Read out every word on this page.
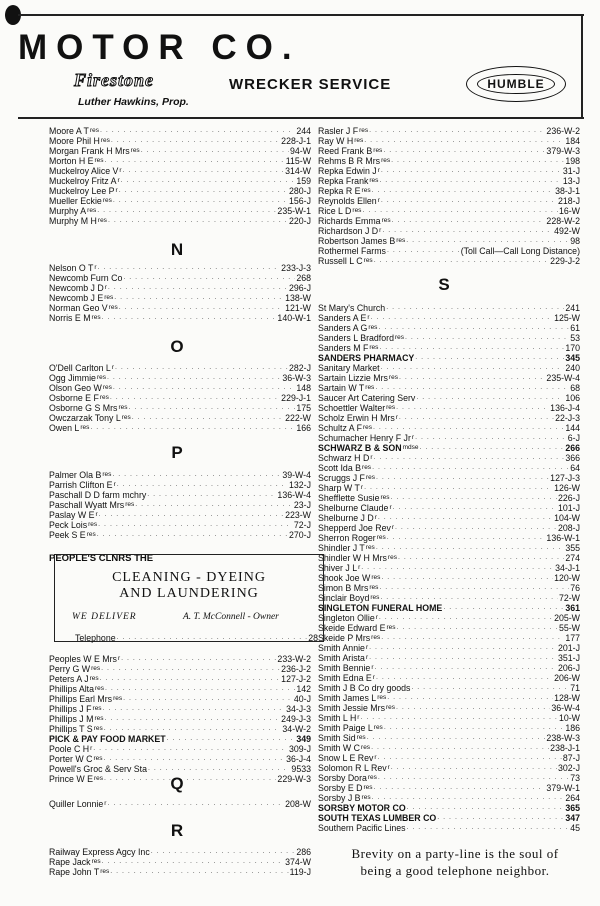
MOTOR CO.
Firestone	WRECKER SERVICE
Luther Hawkins, Prop.
HUMBLE
Moore A T res . . .	244
Moore Phil H res . . .	228-J-1
Morgan Frank H Mrs res . . .	94-W
Morton H E res . . .	115-W
Muckelroy Alice V r . . .	314-W
Muckelroy Fritz A r . . .	159
Muckelroy Lee P r . . .	280-J
Mueller Eckie res . . .	156-J
Murphy A res . . .	235-W-1
Murphy M H res . . .	220-J
N
Nelson O T r . . .	233-J-3
Newcomb Furn Co . . .	268
Newcomb J D r . . .	296-J
Newcomb J E res . . .	138-W
Norman Geo V res . . .	121-W
Norris E M res . . .	140-W-1
O
O'Dell Carlton L r . . .	282-J
Ogg Jimmie res . . .	36-W-3
Olson Geo W res . . .	148
Osborne E F res . . .	229-J-1
Osborne G S Mrs res . . .	175
Owczarzak Tony L res . . .	222-W
Owen L res . . .	166
P
Palmer Ola B res . . .	39-W-4
Parrish Clifton E r . . .	132-J
Paschall D D farm mchry . . .	136-W-4
Paschall Wyatt Mrs res . . .	23-J
Paslay W E r . . .	223-W
Peck Lois res . . .	72-J
Peek S E res . . .	270-J
PEOPLE'S CLNRS THE
CLEANING - DYEING
AND LAUNDERING
WE DELIVER	A. T. McConnell - Owner
Telephone . . .	28
Peoples W E Mrs r . . .	233-W-2
Perry G W res . . .	236-J-2
Peters A J res . . .	127-J-2
Phillips Alta res . . .	142
Phillips Earl Mrs res . . .	40-J
Phillips J F res . . .	34-J-3
Phillips J M res . . .	249-J-3
Phillips T S res . . .	34-W-2
PICK & PAY FOOD MARKET . . .	349
Poole C H r . . .	309-J
Porter W C res . . .	36-J-4
Powell's Groc & Serv Sta . . .	9533
Prince W E res . . .	229-W-3
Q
Quiller Lonnie r . . .	208-W
R
Railway Express Agcy Inc . . .	286
Rape Jack res . . .	374-W
Rape John T res . . .	119-J
Rasler J F res . . .	236-W-2
Ray W H res . . .	184
Reed Frank B res . . .	379-W-3
Rehms B R Mrs res . . .	198
Repka Edwin J r . . .	31-J
Repka Frank res . . .	13-J
Repka R E res . . .	38-J-1
Reynolds Ellen r . . .	218-J
Rice L D res . . .	16-W
Richards Emma res . . .	228-W-2
Richardson J D r . . .	492-W
Robertson James B res . . .	98
Rothermel Farms . . .	(Toll Call—Call Long Distance)
Russell L C res . . .	229-J-2
S
St Mary's Church . . .	241
Sanders A E r . . .	125-W
Sanders A G res . . .	61
Sanders L Bradford res . . .	53
Sanders M F res . . .	170
SANDERS PHARMACY . . .	345
Sanitary Market . . .	240
Sartain Lizzie Mrs res . . .	235-W-4
Sartain W T res . . .	68
Saucer Art Catering Serv . . .	106
Schoettler Walter res . . .	136-J-4
Scholz Erwin H Mrs r . . .	22-J-3
Schultz A F res . . .	144
Schumacher Henry F Jr r . . .	6-J
SCHWARZ B & SON mdse . . .	266
Schwarz H D r . . .	366
Scott Ida B res . . .	64
Scruggs J F res . . .	127-J-3
Sharp W T r . . .	126-W
Shefflette Susie res . . .	226-J
Shelburne Claude r . . .	101-J
Shelburne J D r . . .	104-W
Shepperd Joe Rev r . . .	208-J
Sherron Roger res . . .	136-W-1
Shindler J T res . . .	355
Shindler W H Mrs res . . .	274
Shiver J L r . . .	34-J-1
Shook Joe W res . . .	120-W
Simon B Mrs res . . .	76
Sinclair Boyd res . . .	72-W
SINGLETON FUNERAL HOME . . .	361
Singleton Ollie r . . .	205-W
Skeide Edward E res . . .	55-W
Skeide P Mrs res . . .	177
Smith Annie r . . .	201-J
Smith Arista r . . .	351-J
Smith Bennie r . . .	206-J
Smith Edna E r . . .	206-W
Smith J B Co dry goods . . .	71
Smith James L res . . .	128-W
Smith Jessie Mrs res . . .	36-W-4
Smith L H r . . .	10-W
Smith Paige L res . . .	186
Smith Sid res . . .	238-W-3
Smith W C res . . .	238-J-1
Snow L E Rev r . . .	87-J
Solomon R L Rev r . . .	302-J
Sorsby Dora res . . .	73
Sorsby E D res . . .	379-W-1
Sorsby J B res . . .	264
SORSBY MOTOR CO . . .	365
SOUTH TEXAS LUMBER CO . . .	347
Southern Pacific Lines . . .	45
Brevity on a party-line is the soul of
being a good telephone neighbor.
